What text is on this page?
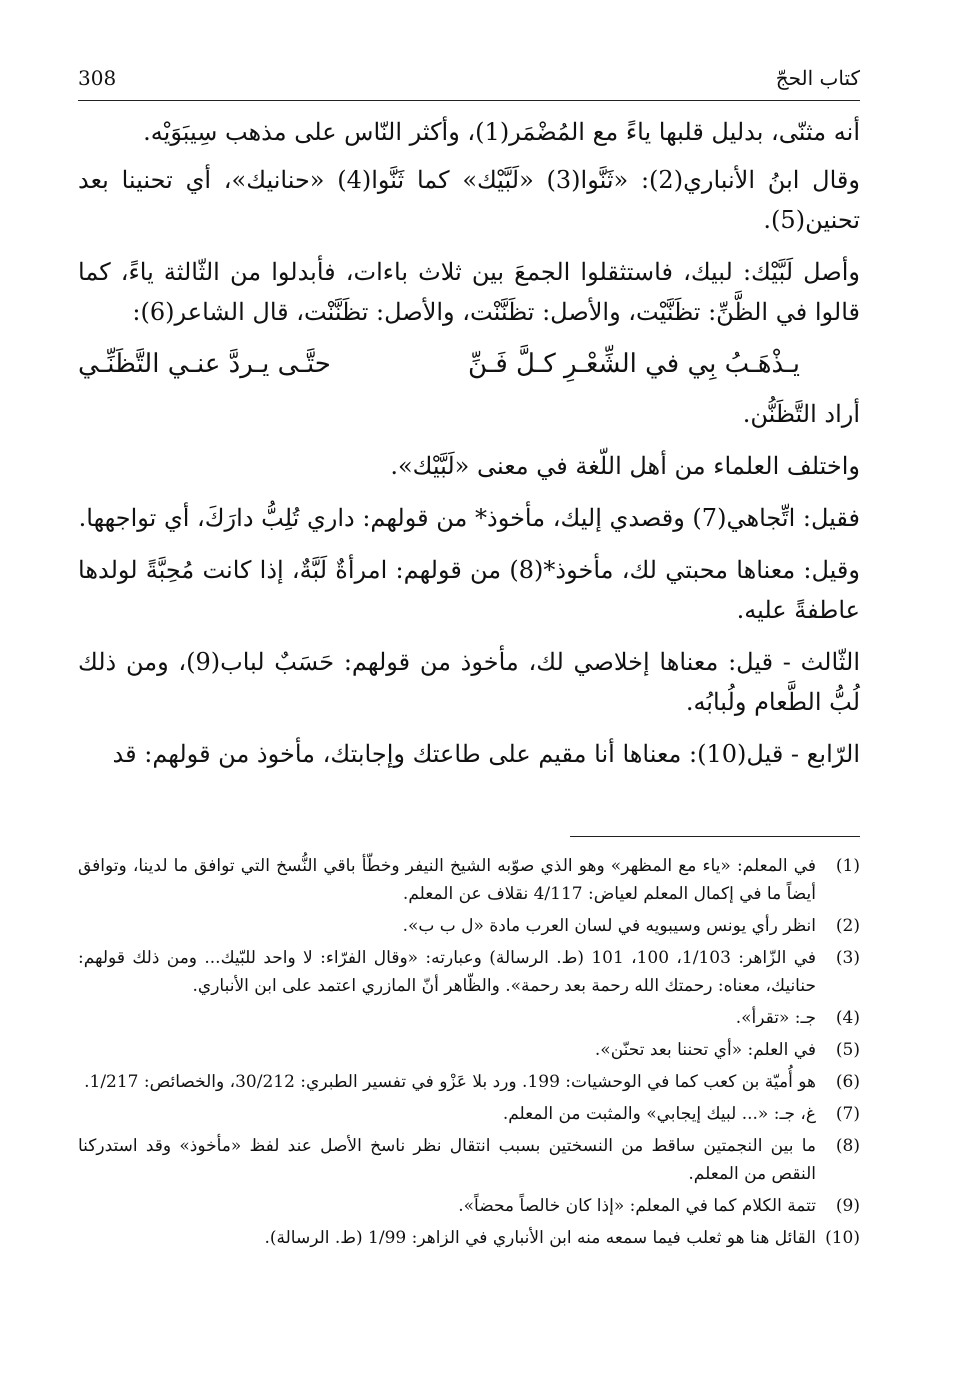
308	كتاب الحجّ

أنه مثنّى، بدليل قلبها ياءً مع المُضْمَر(1)، وأكثر النّاس على مذهب سِيبَوَيْه.

وقال ابنُ الأنباري(2): «ثَنَّوا(3) «لَبَّيْك» كما ثَنَّوا(4) «حنانيك»، أي تحنينا بعد تحنين(5).

وأصل لَبَّيْك: لبيك، فاستثقلوا الجمعَ بين ثلاث باءات، فأبدلوا من الثّالثة ياءً، كما قالوا في الظَّنِّ: تظَنَّيْت، والأصل: تظَنَّنْت، والأصل: تظَنَّنْت، قال الشاعر(6):

يـذْهَـبُ بِي في الشِّعْـرِ كـلَّ فَـنِّ
حتَّـى يـردَّ عنـي التَّظَنِّـي

أراد التَّظَنُّن.

واختلف العلماء من أهل اللّغة في معنى «لَبَّيْك».

فقيل: اتِّجاهي(7) وقصدي إليك، مأخوذ* من قولهم: داري تُلِبُّ دارَكَ، أي تواجهها.

وقيل: معناها محبتي لك، مأخوذ*(8) من قولهم: امرأةٌ لَبَّةٌ، إذا كانت مُحِبَّةً لولدها عاطفةً عليه.

الثّالث - قيل: معناها إخلاصي لك، مأخوذ من قولهم: حَسَبٌ لباب(9)، ومن ذلك لُبُّ الطَّعام ولُبابُه.

الرّابع - قيل(10): معناها أنا مقيم على طاعتك وإجابتك، مأخوذ من قولهم: قد

(1)
في المعلم: «ياء مع المظهر» وهو الذي صوّبه الشيخ النيفر وخطّأ باقي النُّسخ التي توافق ما لدينا، وتوافق أيضاً ما في إكمال المعلم لعياض: 4/117 نقلاف عن المعلم.
(2)
انظر رأي يونس وسيبويه في لسان العرب مادة «ل ب ب».
(3)
في الزّاهر: 1/103، 100، 101 (ط. الرسالة) وعبارته: «وقال الفرّاء: لا واحد للبّيك... ومن ذلك قولهم: حنانيك، معناه: رحمتك الله رحمة بعد رحمة». والظّاهر أنّ المازري اعتمد على ابن الأنباري.
(4)
جـ: «تقرأ».
(5)
في العلم: «أي تحننا بعد تحنّن».
(6)
هو أُميّة بن كعب كما في الوحشيات: 199. ورد بلا عَزْو في تفسير الطبري: 30/212، والخصائص: 1/217.
(7)
غ، جـ: «... لبيك إيجابي» والمثبت من المعلم.
(8)
ما بين النجمتين ساقط من النسختين بسبب انتقال نظر ناسخ الأصل عند لفظ «مأخوذ» وقد استدركنا النقص من المعلم.
(9)
تتمة الكلام كما في المعلم: «إذا كان خالصاً محضاً».
(10)
القائل هنا هو ثعلب فيما سمعه منه ابن الأنباري في الزاهر: 1/99 (ط. الرسالة).
